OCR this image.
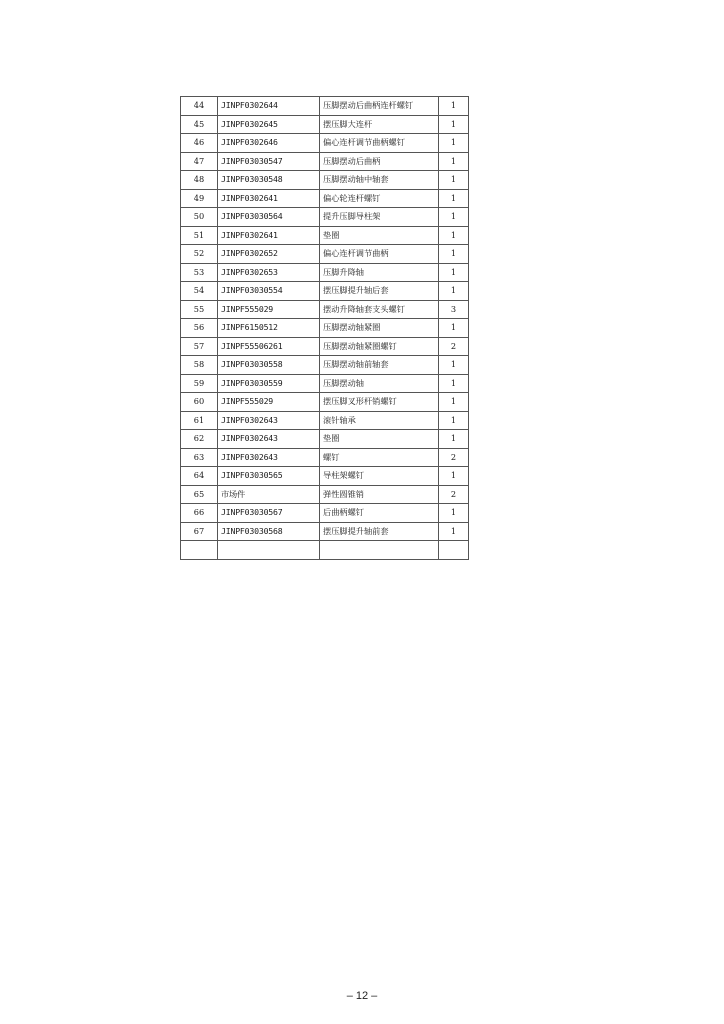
44	JINPF0302644	压脚摆动后曲柄连杆螺钉	1
45	JINPF0302645	摆压脚大连杆	1
46	JINPF0302646	偏心连杆调节曲柄螺钉	1
47	JINPF03030547	压脚摆动后曲柄	1
48	JINPF03030548	压脚摆动轴中轴套	1
49	JINPF0302641	偏心轮连杆螺钉	1
50	JINPF03030564	提升压脚导柱架	1
51	JINPF0302641	垫圈	1
52	JINPF0302652	偏心连杆调节曲柄	1
53	JINPF0302653	压脚升降轴	1
54	JINPF03030554	摆压脚提升轴后套	1
55	JINPF555029	摆动升降轴套支头螺钉	3
56	JINPF6150512	压脚摆动轴紧圈	1
57	JINPF55506261	压脚摆动轴紧圈螺钉	2
58	JINPF03030558	压脚摆动轴前轴套	1
59	JINPF03030559	压脚摆动轴	1
60	JINPF555029	摆压脚叉形杆销螺钉	1
61	JINPF0302643	滚针轴承	1
62	JINPF0302643	垫圈	1
63	JINPF0302643	螺钉	2
64	JINPF03030565	导柱架螺钉	1
65	市场件	弹性圆锥销	2
66	JINPF03030567	后曲柄螺钉	1
67	JINPF03030568	摆压脚提升轴前套	1

– 12 –
